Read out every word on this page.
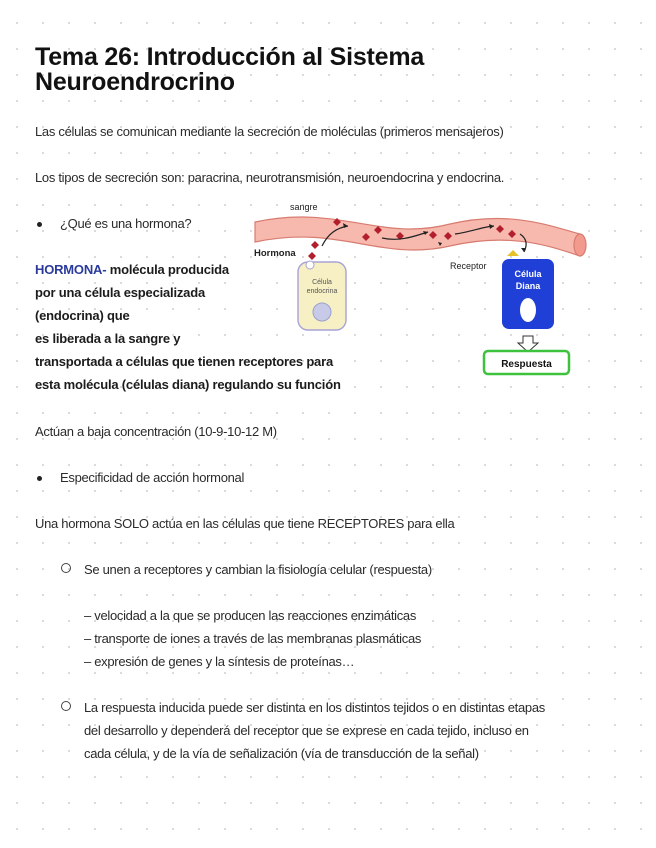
Tema 26: Introducción al Sistema
Neuroendrocrino
Las células se comunican mediante la secreción de moléculas (primeros mensajeros)
Los tipos de secreción son: paracrina, neurotransmisión, neuroendocrina y endocrina.
¿Qué es una hormona?
HORMONA- molécula producida
por una célula especializada
(endocrina) que
es liberada a la sangre y
transportada a células que tienen receptores para
esta molécula (células diana) regulando su función
sangre
Hormona
Receptor
Célula
endocrina
Célula
Diana
Respuesta
Actúan a baja concentración (10-9-10-12 M)
Especificidad de acción hormonal
Una hormona SOLO actúa en las células que tiene RECEPTORES para ella
Se unen a receptores y cambian la fisiología celular (respuesta)
– velocidad a la que se producen las reacciones enzimáticas
– transporte de iones a través de las membranas plasmáticas
– expresión de genes y la síntesis de proteínas…
La respuesta inducida puede ser distinta en los distintos tejidos o en distintas etapas
del desarrollo y dependerá del receptor que se exprese en cada tejido, incluso en
cada célula, y de la vía de señalización (vía de transducción de la señal)
